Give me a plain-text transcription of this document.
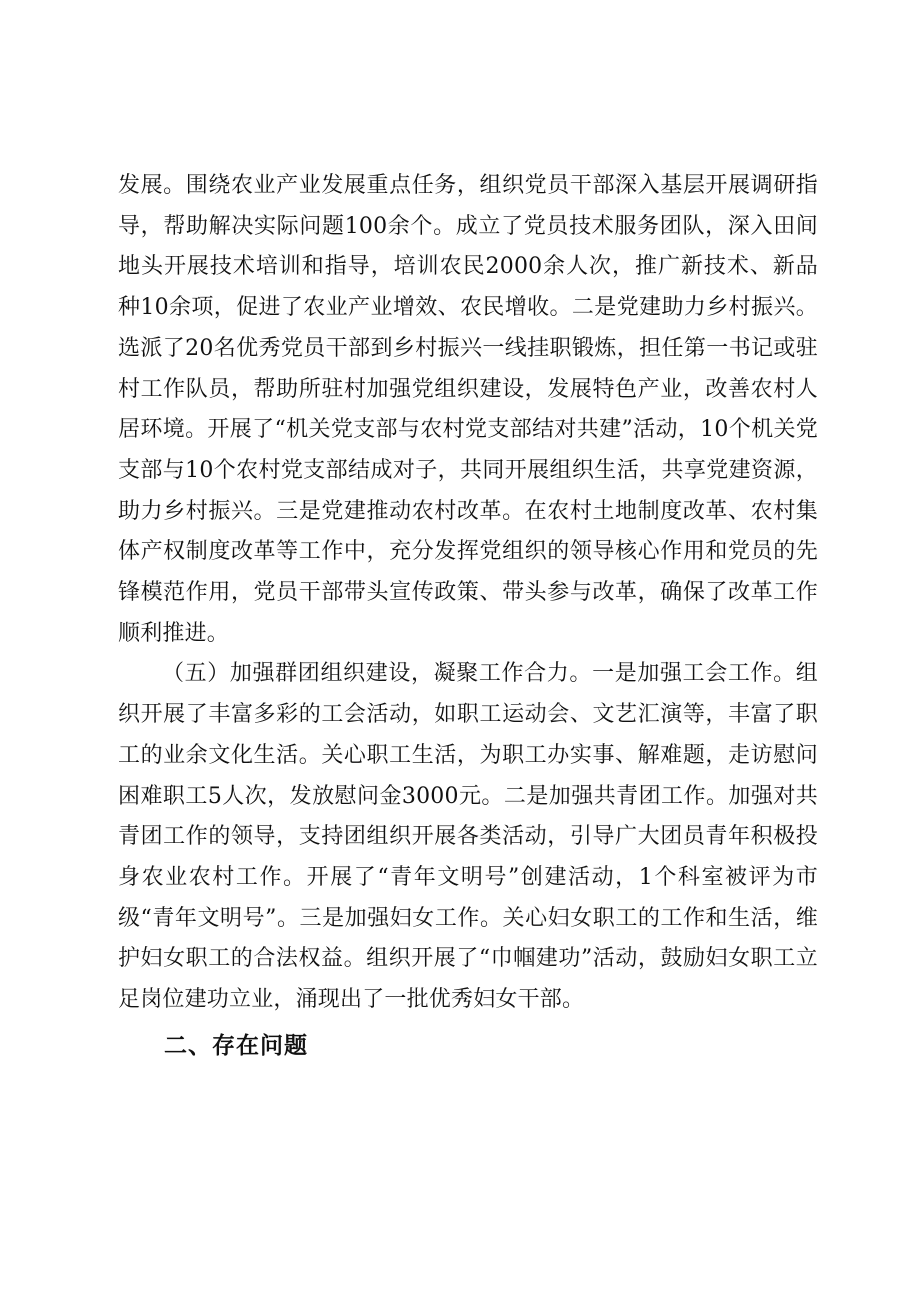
发展。围绕农业产业发展重点任务，组织党员干部深入基层开展调研指导，帮助解决实际问题100余个。成立了党员技术服务团队，深入田间地头开展技术培训和指导，培训农民2000余人次，推广新技术、新品种10余项，促进了农业产业增效、农民增收。二是党建助力乡村振兴。选派了20名优秀党员干部到乡村振兴一线挂职锻炼，担任第一书记或驻村工作队员，帮助所驻村加强党组织建设，发展特色产业，改善农村人居环境。开展了“机关党支部与农村党支部结对共建”活动，10个机关党支部与10个农村党支部结成对子，共同开展组织生活，共享党建资源，助力乡村振兴。三是党建推动农村改革。在农村土地制度改革、农村集体产权制度改革等工作中，充分发挥党组织的领导核心作用和党员的先锋模范作用，党员干部带头宣传政策、带头参与改革，确保了改革工作顺利推进。

（五）加强群团组织建设，凝聚工作合力。一是加强工会工作。组织开展了丰富多彩的工会活动，如职工运动会、文艺汇演等，丰富了职工的业余文化生活。关心职工生活，为职工办实事、解难题，走访慰问困难职工5人次，发放慰问金3000元。二是加强共青团工作。加强对共青团工作的领导，支持团组织开展各类活动，引导广大团员青年积极投身农业农村工作。开展了“青年文明号”创建活动，1个科室被评为市级“青年文明号”。三是加强妇女工作。关心妇女职工的工作和生活，维护妇女职工的合法权益。组织开展了“巾帼建功”活动，鼓励妇女职工立足岗位建功立业，涌现出了一批优秀妇女干部。

二、存在问题
